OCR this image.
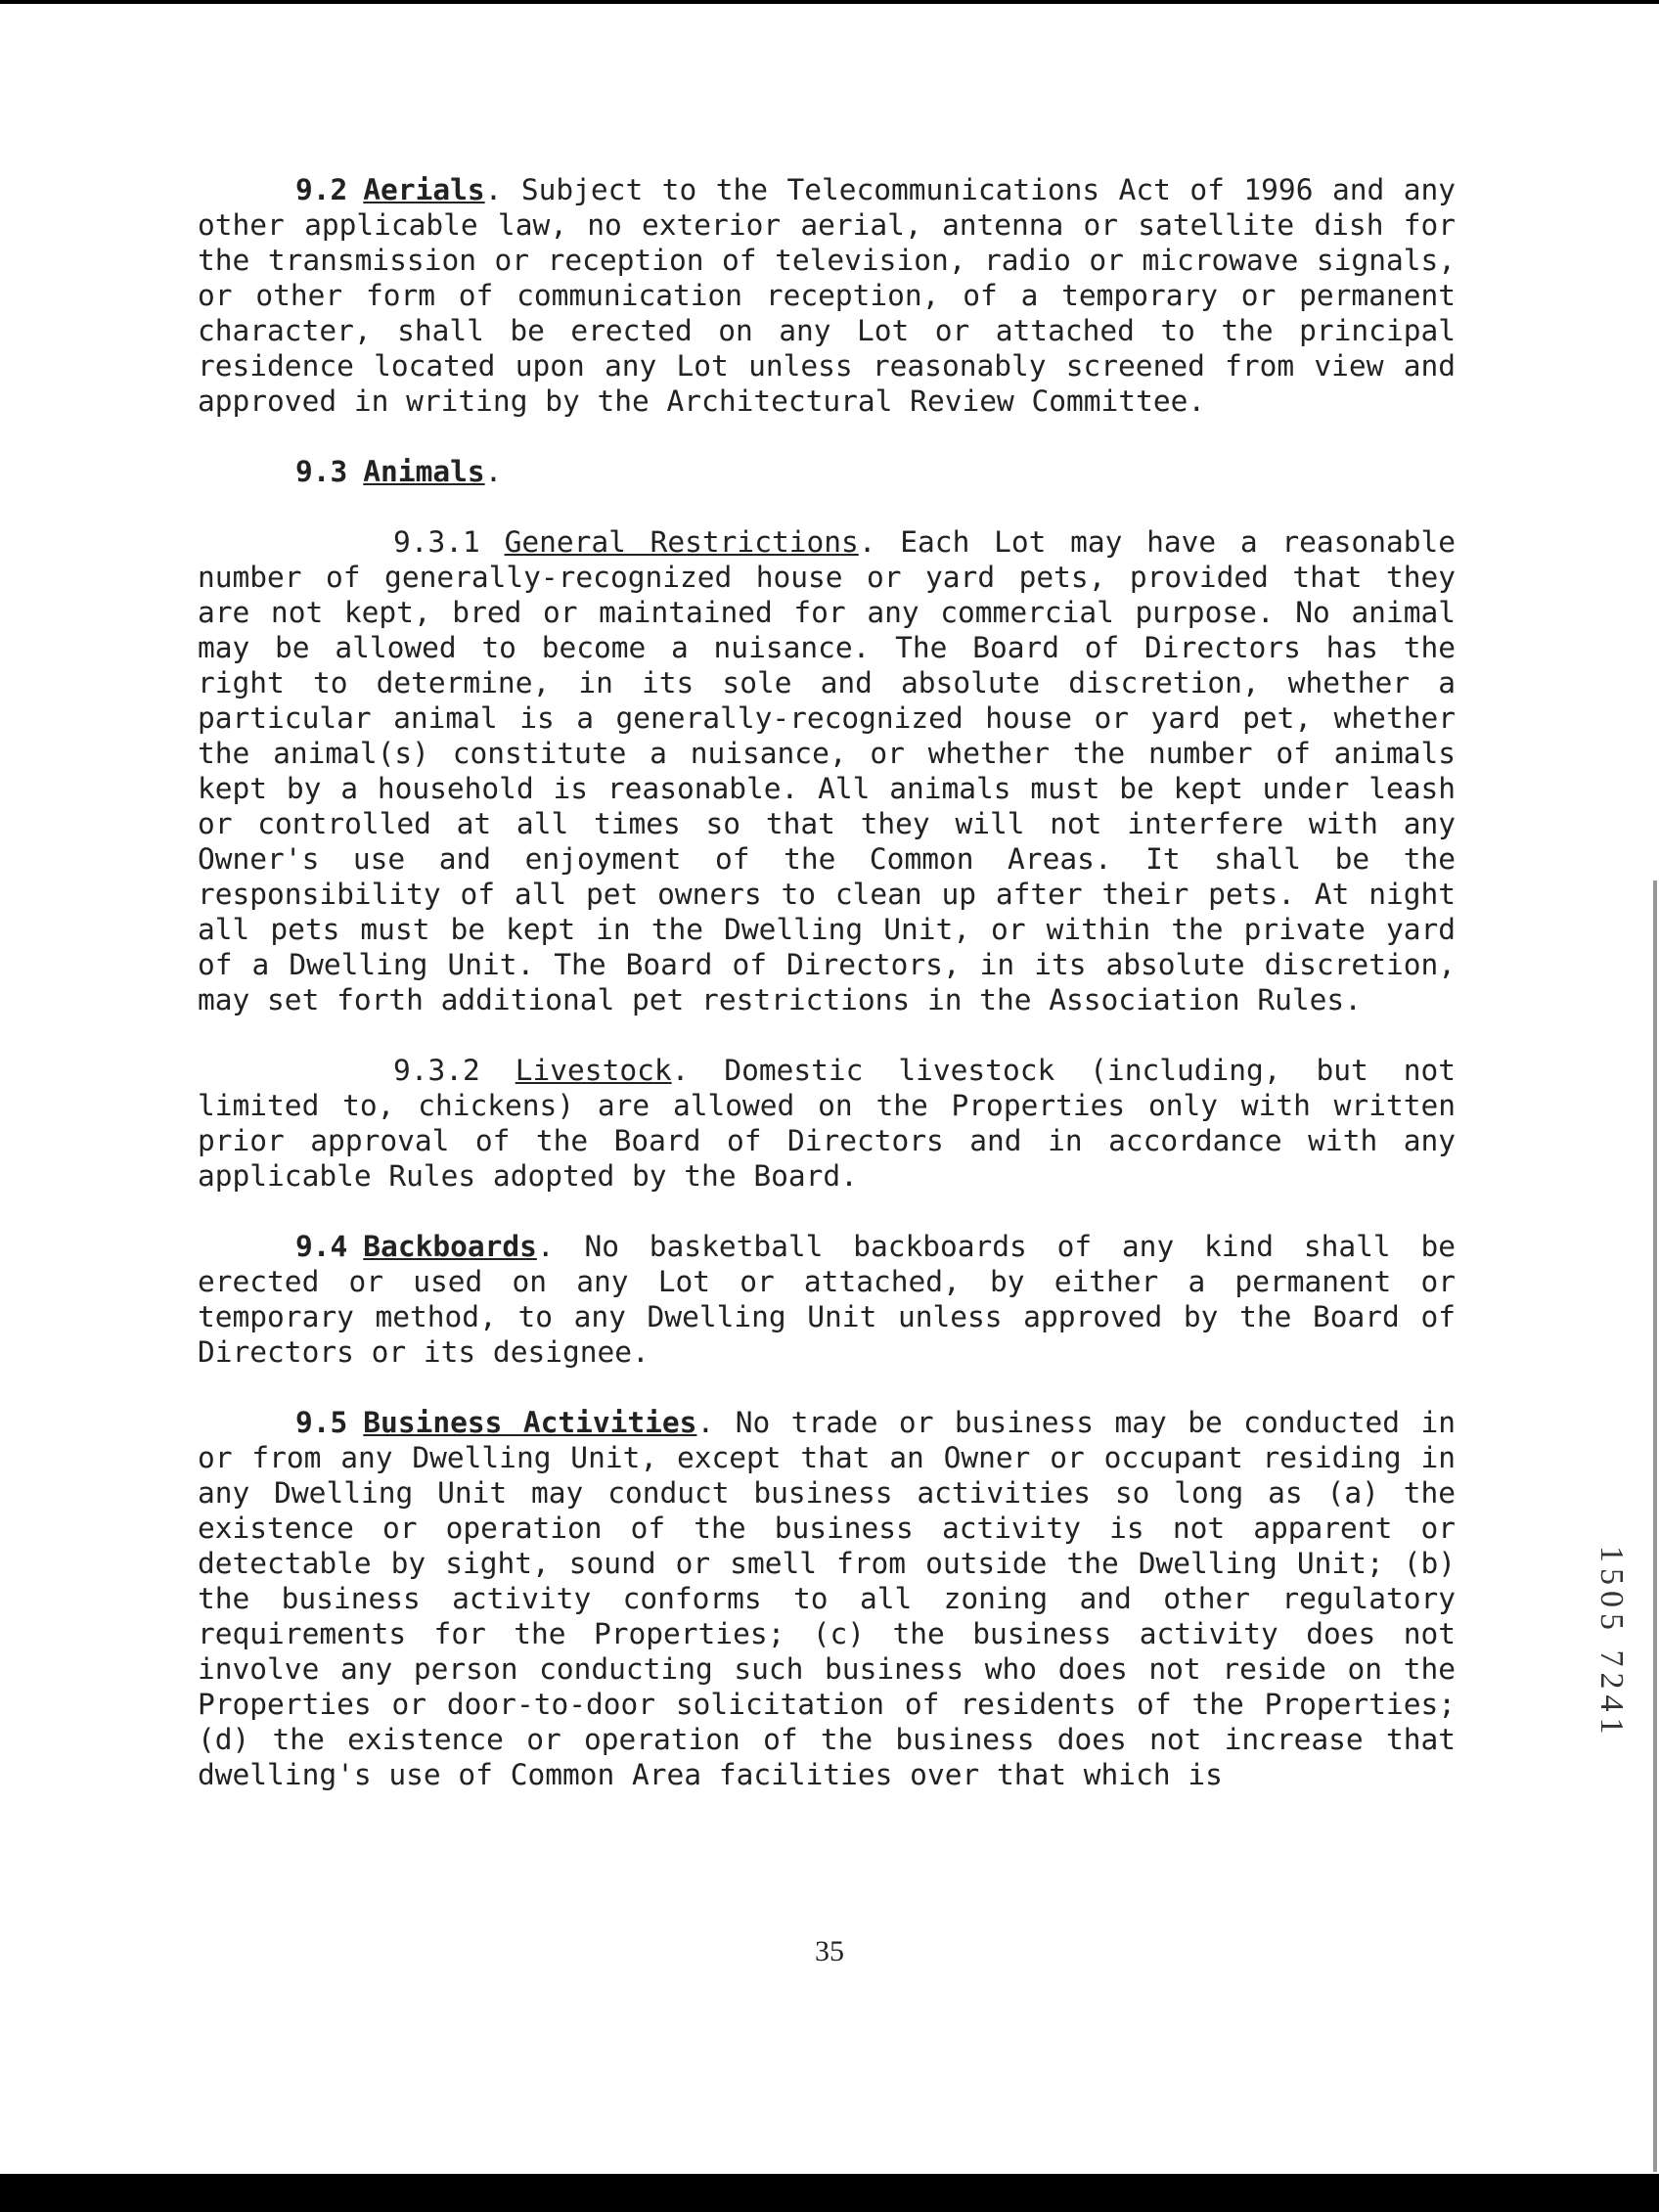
9.2 Aerials. Subject to the Telecommunications Act of 1996 and any other applicable law, no exterior aerial, antenna or satellite dish for the transmission or reception of television, radio or microwave signals, or other form of communication reception, of a temporary or permanent character, shall be erected on any Lot or attached to the principal residence located upon any Lot unless reasonably screened from view and approved in writing by the Architectural Review Committee.

9.3 Animals.

9.3.1 General Restrictions. Each Lot may have a reasonable number of generally-recognized house or yard pets, provided that they are not kept, bred or maintained for any commercial purpose. No animal may be allowed to become a nuisance. The Board of Directors has the right to determine, in its sole and absolute discretion, whether a particular animal is a generally-recognized house or yard pet, whether the animal(s) constitute a nuisance, or whether the number of animals kept by a household is reasonable. All animals must be kept under leash or controlled at all times so that they will not interfere with any Owner's use and enjoyment of the Common Areas. It shall be the responsibility of all pet owners to clean up after their pets. At night all pets must be kept in the Dwelling Unit, or within the private yard of a Dwelling Unit. The Board of Directors, in its absolute discretion, may set forth additional pet restrictions in the Association Rules.

9.3.2 Livestock. Domestic livestock (including, but not limited to, chickens) are allowed on the Properties only with written prior approval of the Board of Directors and in accordance with any applicable Rules adopted by the Board.

9.4 Backboards. No basketball backboards of any kind shall be erected or used on any Lot or attached, by either a permanent or temporary method, to any Dwelling Unit unless approved by the Board of Directors or its designee.

9.5 Business Activities. No trade or business may be conducted in or from any Dwelling Unit, except that an Owner or occupant residing in any Dwelling Unit may conduct business activities so long as (a) the existence or operation of the business activity is not apparent or detectable by sight, sound or smell from outside the Dwelling Unit; (b) the business activity conforms to all zoning and other regulatory requirements for the Properties; (c) the business activity does not involve any person conducting such business who does not reside on the Properties or door-to-door solicitation of residents of the Properties; (d) the existence or operation of the business does not increase that dwelling's use of Common Area facilities over that which is

35
1505 7241
